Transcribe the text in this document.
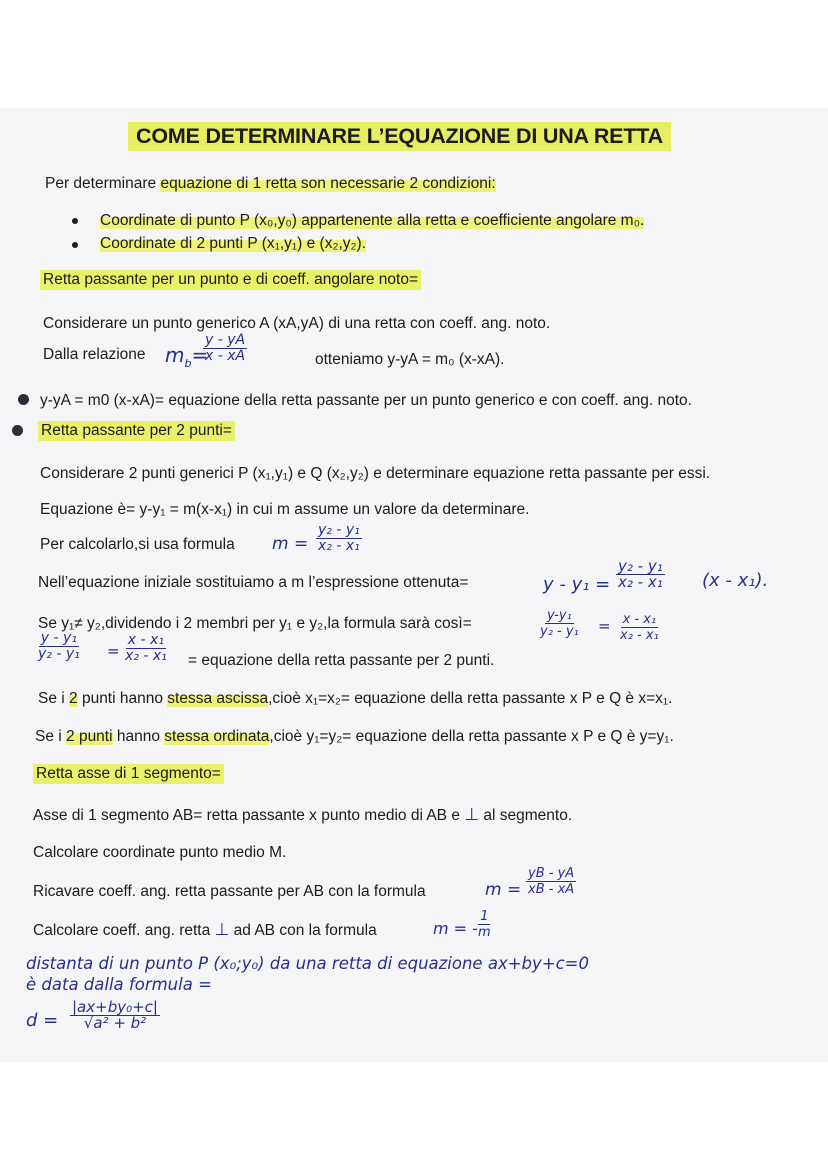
COME DETERMINARE L’EQUAZIONE DI UNA RETTA
Per determinare equazione di 1 retta son necessarie 2 condizioni:
Coordinate di punto P (x₀,y₀) appartenente alla retta e coefficiente angolare m₀.
Coordinate di 2 punti P (x₁,y₁) e (x₂,y₂).
Retta passante per un punto e di coeff. angolare noto=
Considerare un punto generico A (xA,yA) di una retta con coeff. ang. noto.
Dalla relazione $m_b=$
$\frac{y - yA}{x - xA}$	otteniamo y-yA = m₀ (x-xA).
y-yA = m0 (x-xA)= equazione della retta passante per un punto generico e con coeff. ang. noto.
Retta passante per 2 punti=
Considerare 2 punti generici P (x₁,y₁) e Q (x₂,y₂) e determinare equazione retta passante per essi.
Equazione è= y-y₁ = m(x-x₁) in cui m assume un valore da determinare.
Per calcolarlo,si usa formula $m = \frac{\text{y₂ - y₁}}{\text{x₂ - x₁}}$
Nell’equazione iniziale sostituiamo a m l’espressione ottenuta=	$y - y_1 = \frac{\text{y₂ - y₁}}{\text{x₂ - x₁}} (x - x_1)$.
Se y₁≠ y₂,dividendo i 2 membri per y₁ e y₂,la formula sarà così=	$\frac{\text{y-y₁}}{\text{y₂ - y₁}} = \frac{\text{x - x₁}}{\text{x₂ - x₁}}$
$\frac{\text{y - y₁}}{\text{y₂ - y₁}} = \frac{\text{x - x₁}}{\text{x₂ - x₁}}$ = equazione della retta passante per 2 punti.
Se i 2 punti hanno stessa ascissa,cioè x₁=x₂= equazione della retta passante x P e Q è x=x₁.
Se i 2 punti hanno stessa ordinata,cioè y₁=y₂= equazione della retta passante x P e Q è y=y₁.
Retta asse di 1 segmento=
Asse di 1 segmento AB= retta passante x punto medio di AB e ⊥ al segmento.
Calcolare coordinate punto medio M.
Ricavare coeff. ang. retta passante per AB con la formula	$m = \frac{yB - yA}{xB - xA}$
Calcolare coeff. ang. retta ⊥ ad AB con la formula	m = -
$\frac{1}{m}$
distanta di un punto P (x₀;y₀) da una retta di equazione ax+by+c=0
è data dalla formula =
$d = \frac{\text{|ax+by₀+c|}}{\text{√a² + b²}}$
